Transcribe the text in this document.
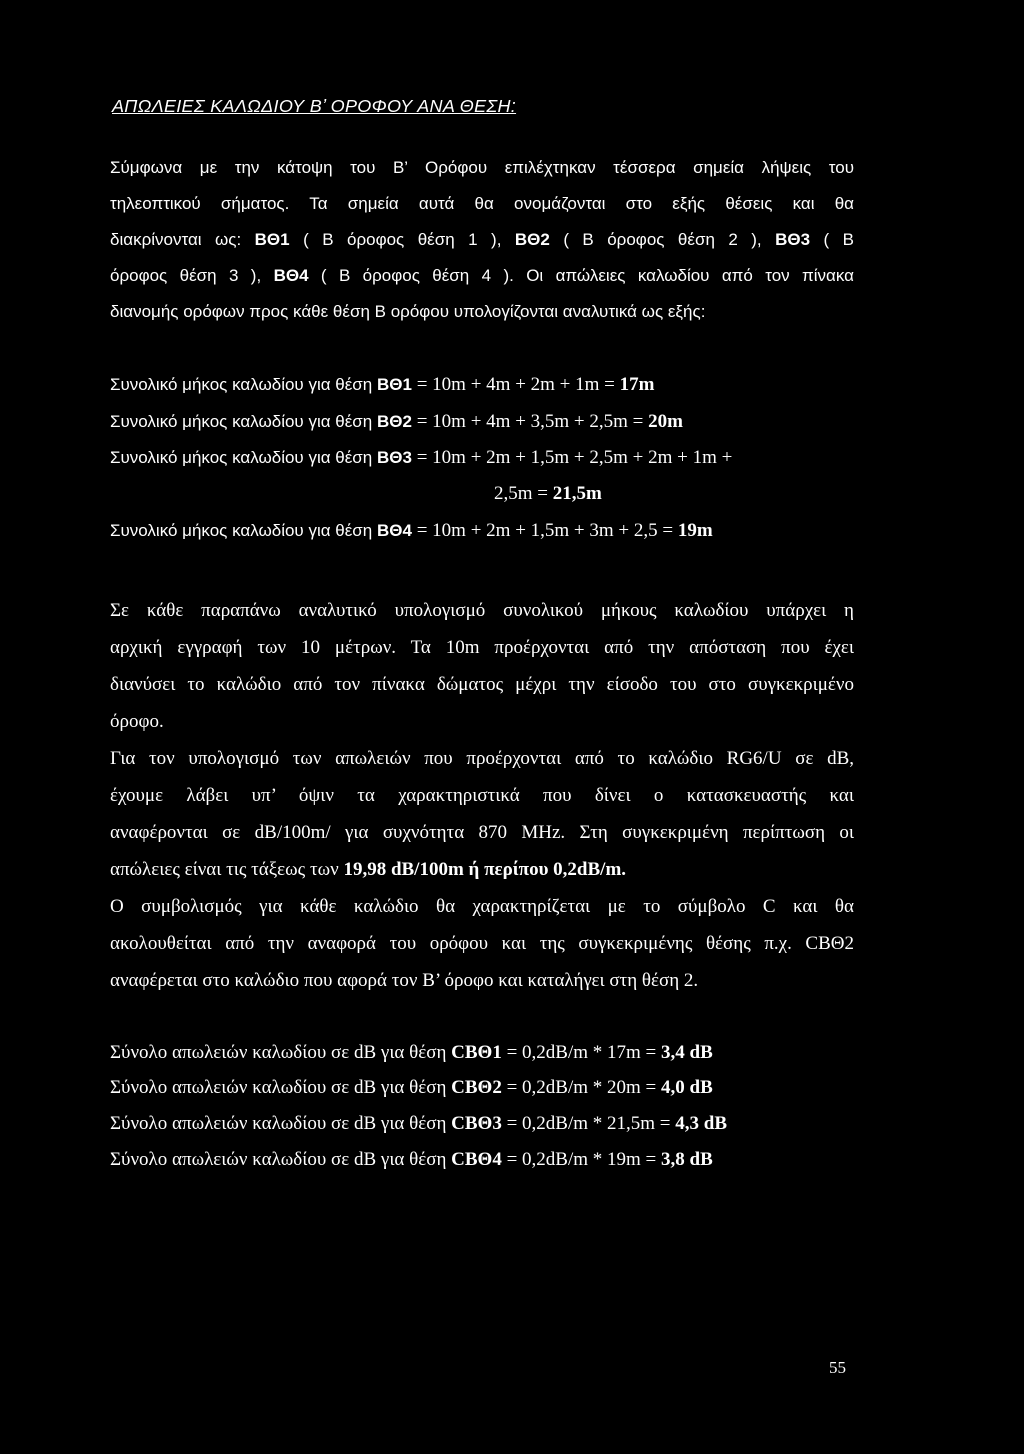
ΑΠΩΛΕΙΕΣ ΚΑΛΩΔΙΟΥ Β’ ΟΡΟΦΟΥ ΑΝΑ ΘΕΣΗ:
Σύμφωνα με την κάτοψη του Β’ Ορόφου επιλέχτηκαν τέσσερα σημεία λήψεις του
τηλεοπτικού σήματος. Τα σημεία αυτά θα ονομάζονται στο εξής θέσεις και θα
διακρίνονται ως: ΒΘ1 ( Β όροφος θέση 1 ), ΒΘ2 ( Β όροφος θέση 2 ), ΒΘ3 ( Β
όροφος θέση 3 ), ΒΘ4 ( Β όροφος θέση 4 ). Οι απώλειες καλωδίου από τον πίνακα
διανομής ορόφων προς κάθε θέση Β ορόφου υπολογίζονται αναλυτικά ως εξής:
Συνολικό μήκος καλωδίου για θέση ΒΘ1 = 10m + 4m + 2m + 1m = 17m
Συνολικό μήκος καλωδίου για θέση ΒΘ2 = 10m + 4m + 3,5m + 2,5m = 20m
Συνολικό μήκος καλωδίου για θέση ΒΘ3 = 10m + 2m + 1,5m + 2,5m + 2m + 1m +
2,5m = 21,5m
Συνολικό μήκος καλωδίου για θέση ΒΘ4 = 10m + 2m + 1,5m + 3m + 2,5 = 19m
Σε κάθε παραπάνω αναλυτικό υπολογισμό συνολικού μήκους καλωδίου υπάρχει η
αρχική εγγραφή των 10 μέτρων. Τα 10m προέρχονται από την απόσταση που έχει
διανύσει το καλώδιο από τον πίνακα δώματος μέχρι την είσοδο του στο συγκεκριμένο
όροφο.
Για τον υπολογισμό των απωλειών που προέρχονται από το καλώδιο RG6/U σε dB,
έχουμε λάβει υπ’ όψιν τα χαρακτηριστικά που δίνει ο κατασκευαστής και
αναφέρονται σε dB/100m/ για συχνότητα 870 MHz. Στη συγκεκριμένη περίπτωση οι
απώλειες είναι τις τάξεως των 19,98 dB/100m ή περίπου 0,2dB/m.
Ο συμβολισμός για κάθε καλώδιο θα χαρακτηρίζεται με το σύμβολο C και θα
ακολουθείται από την αναφορά του ορόφου και της συγκεκριμένης θέσης π.χ. CΒΘ2
αναφέρεται στο καλώδιο που αφορά τον Β’ όροφο και καταλήγει στη θέση 2.
Σύνολο απωλειών καλωδίου σε dB για θέση CΒΘ1 = 0,2dB/m * 17m = 3,4 dB
Σύνολο απωλειών καλωδίου σε dB για θέση CΒΘ2 = 0,2dB/m * 20m = 4,0 dB
Σύνολο απωλειών καλωδίου σε dB για θέση CΒΘ3 = 0,2dB/m * 21,5m = 4,3 dB
Σύνολο απωλειών καλωδίου σε dB για θέση CΒΘ4 = 0,2dB/m * 19m = 3,8 dB
55
